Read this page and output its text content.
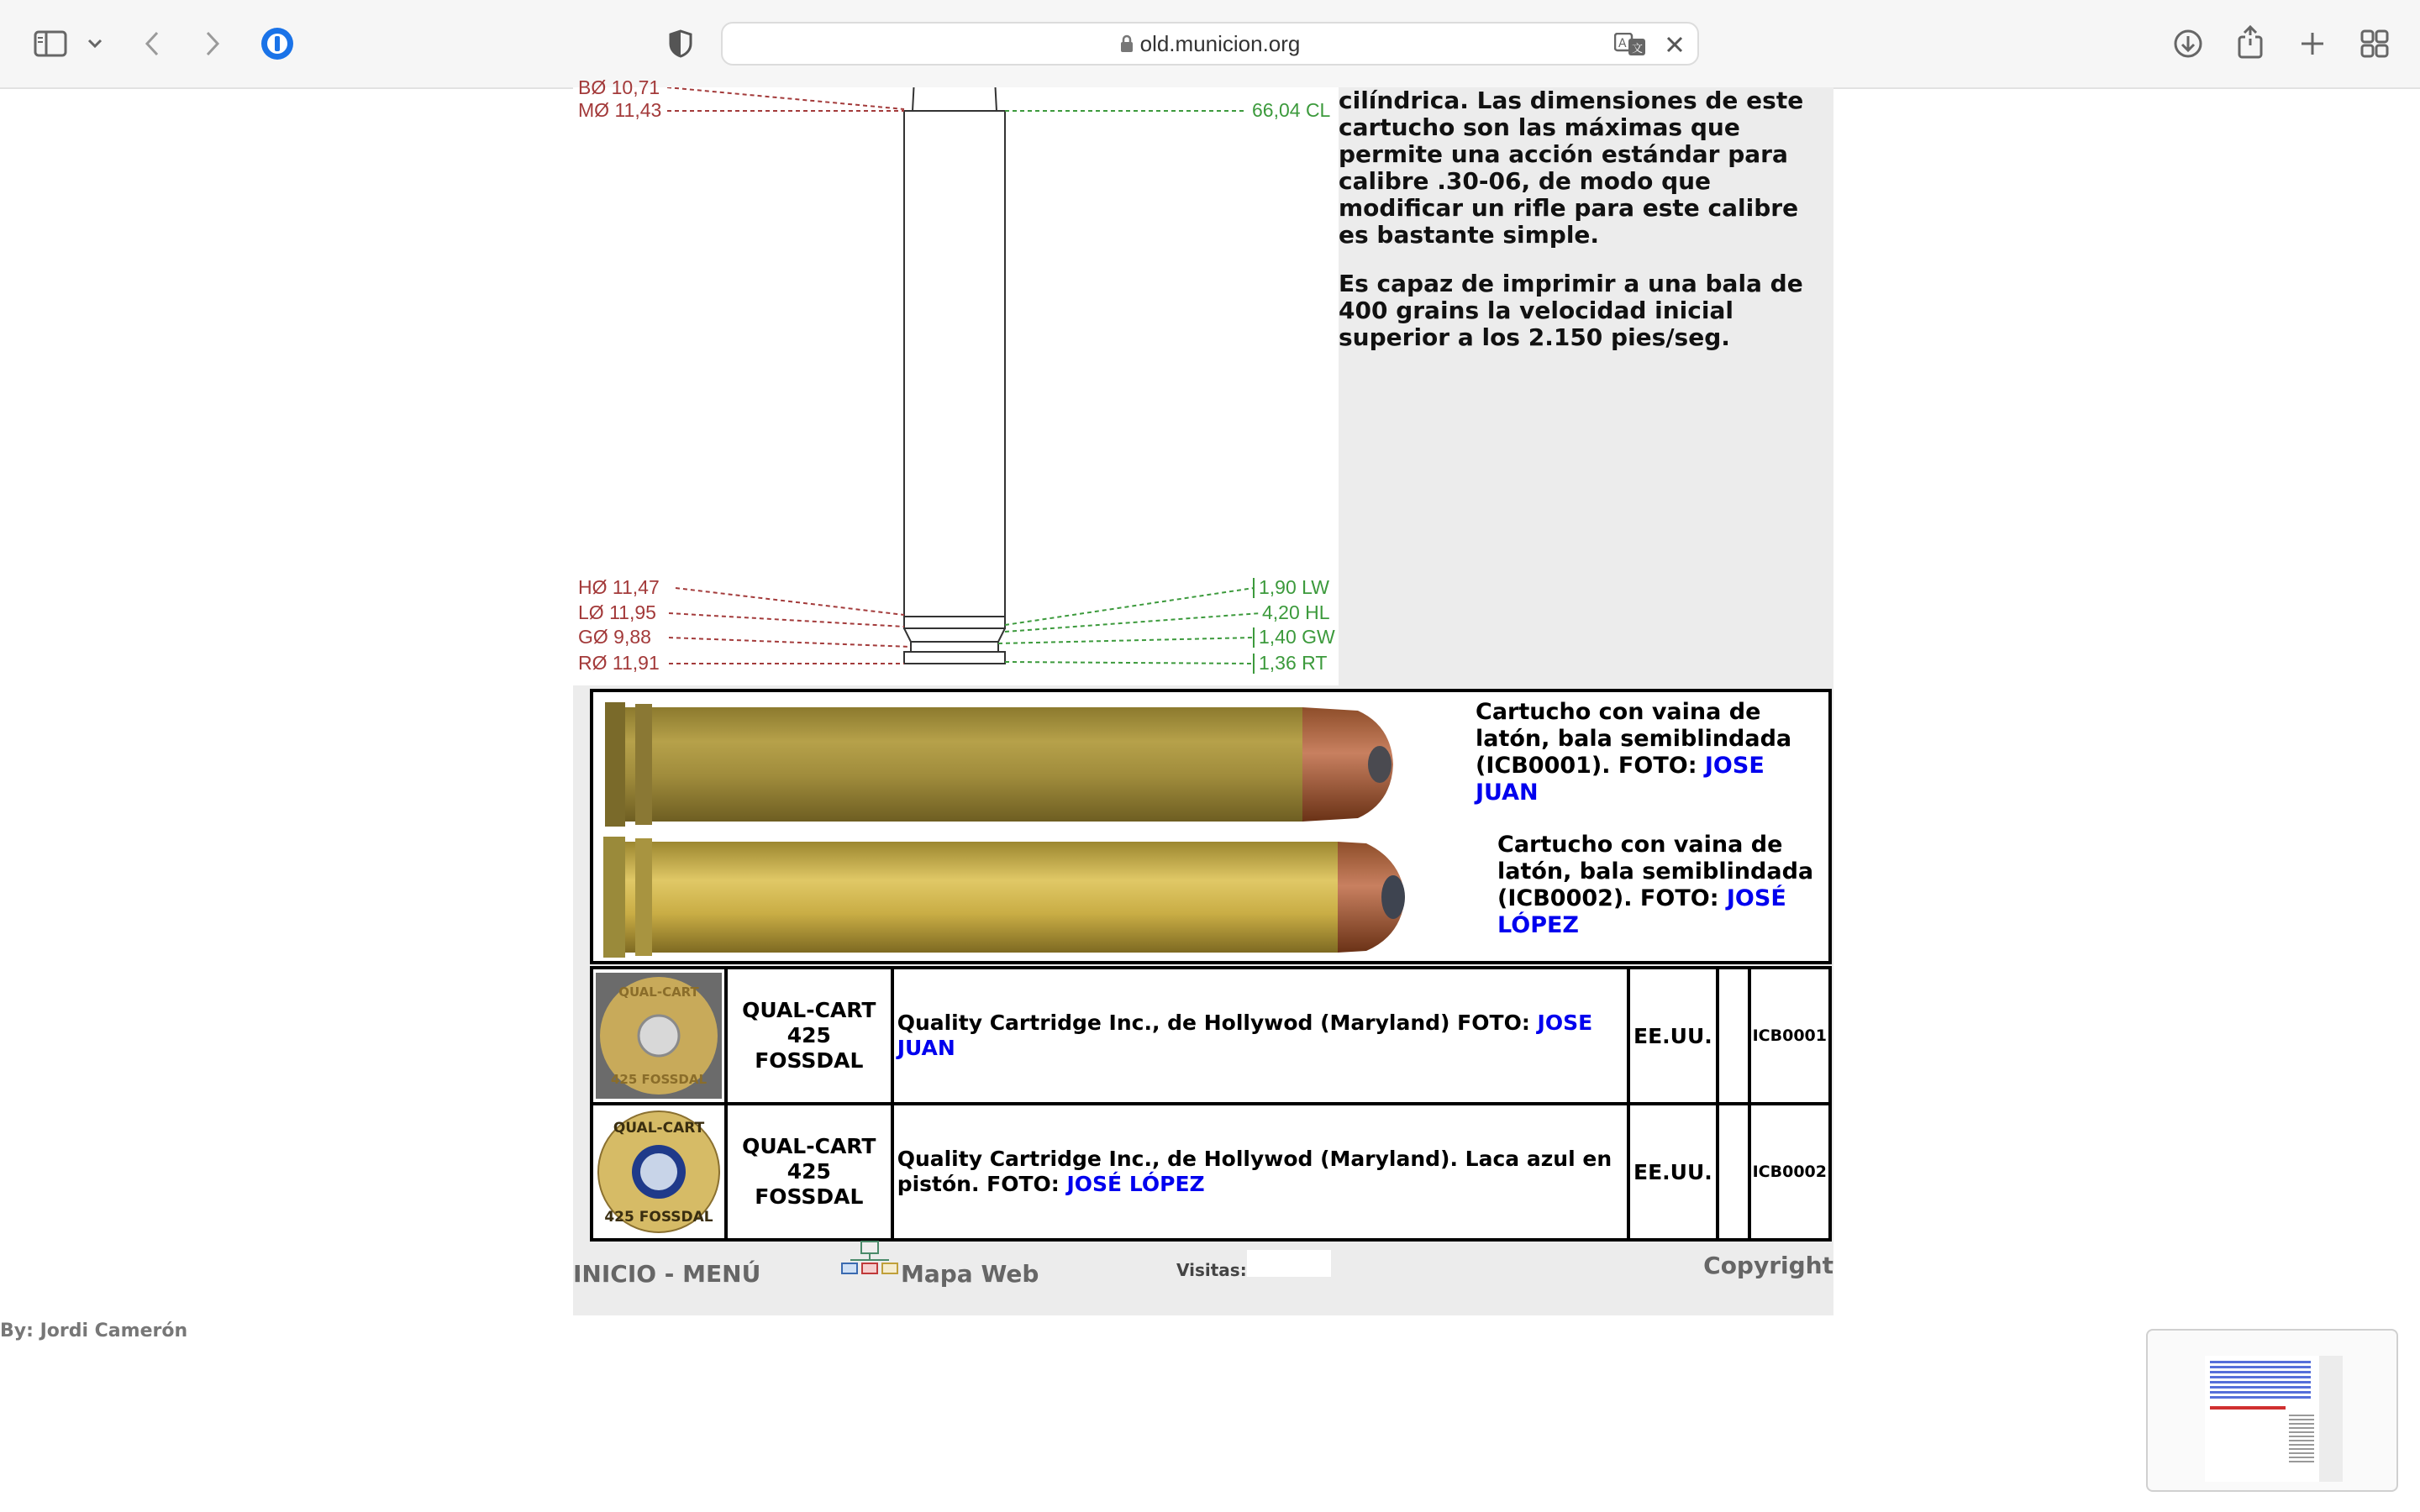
old.municion.org	A 文
BØ 10,71
MØ 11,43	66,04 CL
HØ 11,47
LØ 11,95
GØ 9,88
RØ 11,91
1,90 LW
4,20 HL
1,40 GW
1,36 RT

cilíndrica. Las dimensiones de este cartucho son las máximas que permite una acción estándar para calibre .30-06, de modo que modificar un rifle para este calibre es bastante simple.

Es capaz de imprimir a una bala de 400 grains la velocidad inicial superior a los 2.150 pies/seg.

Cartucho con vaina de latón, bala semiblindada (ICB0001). FOTO: JOSE JUAN
Cartucho con vaina de latón, bala semiblindada (ICB0002). FOTO: JOSÉ LÓPEZ
QUAL-CART
425 FOSSDAL	QUAL-CART 425 FOSSDAL	Quality Cartridge Inc., de Hollywod (Maryland) FOTO: JOSE JUAN	EE.UU.		ICB0001

QUAL-CART
425 FOSSDAL	QUAL-CART 425 FOSSDAL	Quality Cartridge Inc., de Hollywod (Maryland). Laca azul en pistón. FOTO: JOSÉ LÓPEZ	EE.UU.		ICB0002
INICIO - MENÚ	Mapa Web	Visitas:	Copyright
By: Jordi Camerón
